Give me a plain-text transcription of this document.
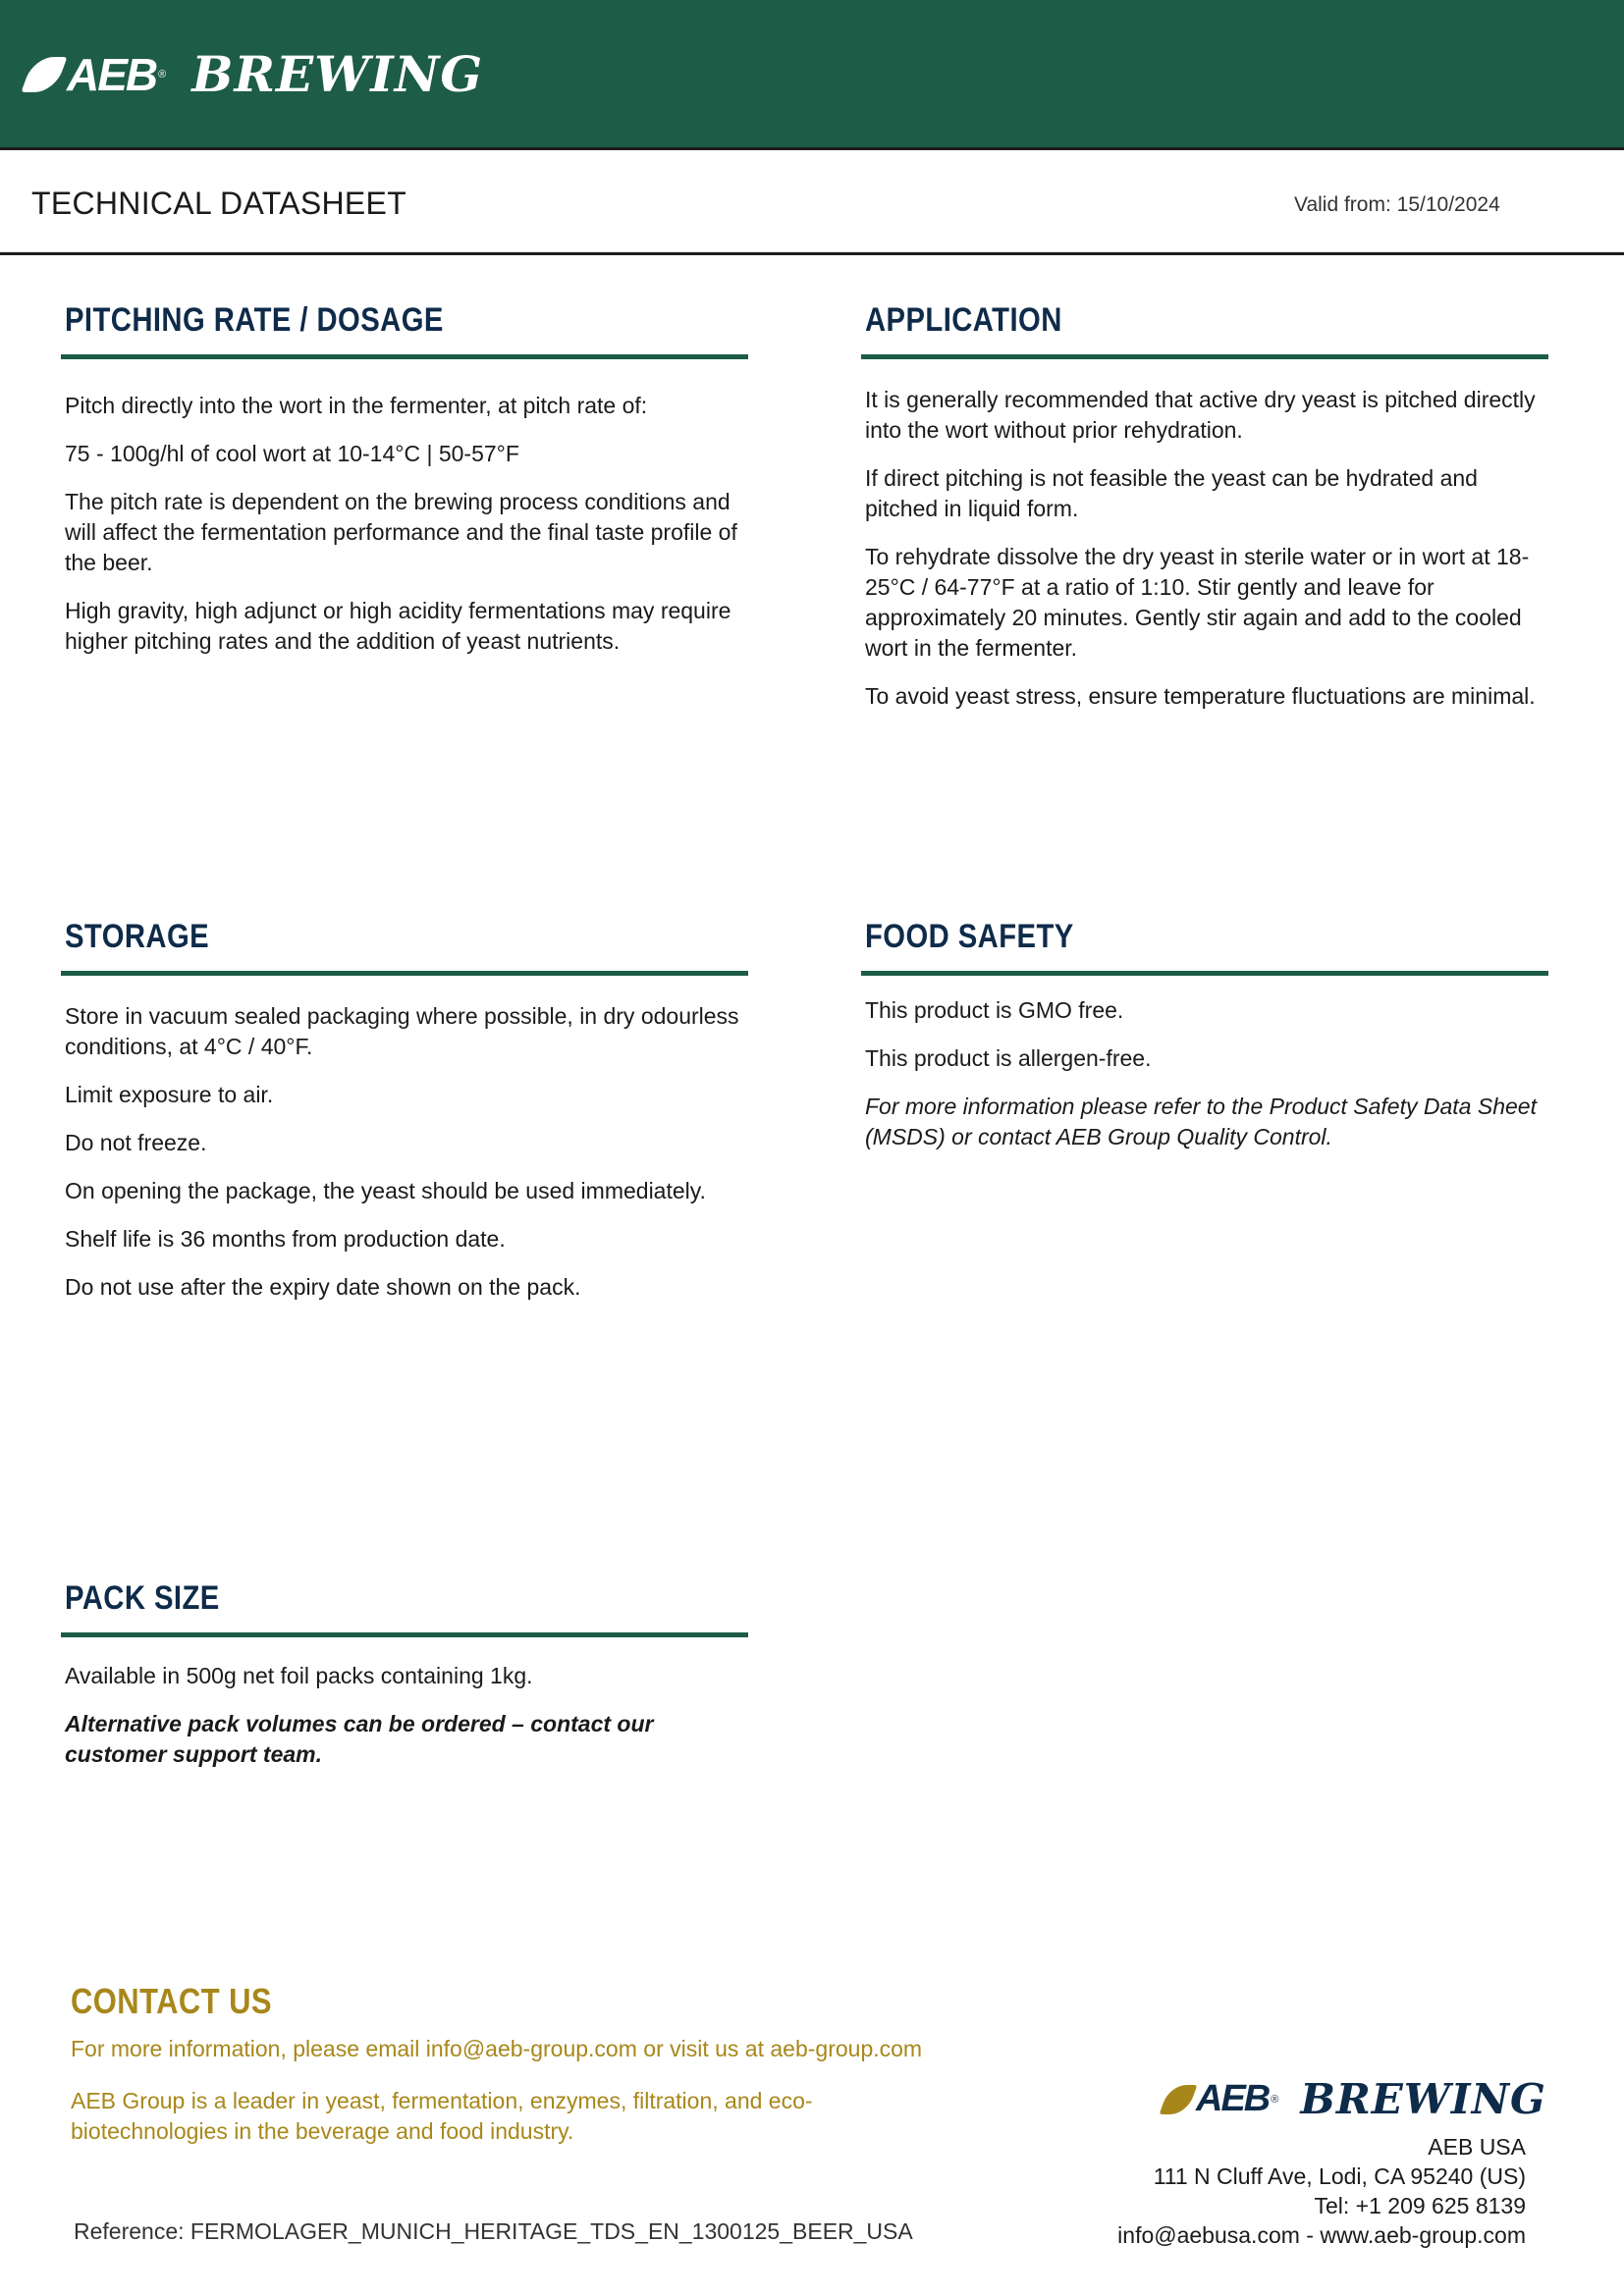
AEB ® BREWING
TECHNICAL DATASHEET	Valid from: 15/10/2024
PITCHING RATE / DOSAGE

Pitch directly into the wort in the fermenter, at pitch rate of:

75 - 100g/hl of cool wort at 10-14°C | 50-57°F

The pitch rate is dependent on the brewing process conditions and will affect the fermentation performance and the final taste profile of the beer.

High gravity, high adjunct or high acidity fermentations may require higher pitching rates and the addition of yeast nutrients.

APPLICATION

It is generally recommended that active dry yeast is pitched directly into the wort without prior rehydration.

If direct pitching is not feasible the yeast can be hydrated and pitched in liquid form.

To rehydrate dissolve the dry yeast in sterile water or in wort at 18-25°C / 64-77°F at a ratio of 1:10. Stir gently and leave for approximately 20 minutes. Gently stir again and add to the cooled wort in the fermenter.

To avoid yeast stress, ensure temperature fluctuations are minimal.

STORAGE

Store in vacuum sealed packaging where possible, in dry odourless conditions, at 4°C / 40°F.

Limit exposure to air.

Do not freeze.

On opening the package, the yeast should be used immediately.

Shelf life is 36 months from production date.

Do not use after the expiry date shown on the pack.

FOOD SAFETY

This product is GMO free.

This product is allergen-free.

For more information please refer to the Product Safety Data Sheet (MSDS) or contact AEB Group Quality Control.

PACK SIZE

Available in 500g net foil packs containing 1kg.

Alternative pack volumes can be ordered – contact our customer support team.

CONTACT US

For more information, please email info@aeb-group.com or visit us at aeb-group.com

AEB Group is a leader in yeast, fermentation, enzymes, filtration, and eco-biotechnologies in the beverage and food industry.

Reference: FERMOLAGER_MUNICH_HERITAGE_TDS_EN_1300125_BEER_USA
AEB ® BREWING
AEB USA
111 N Cluff Ave, Lodi, CA 95240 (US)
Tel: +1 209 625 8139
info@aebusa.com - www.aeb-group.com
